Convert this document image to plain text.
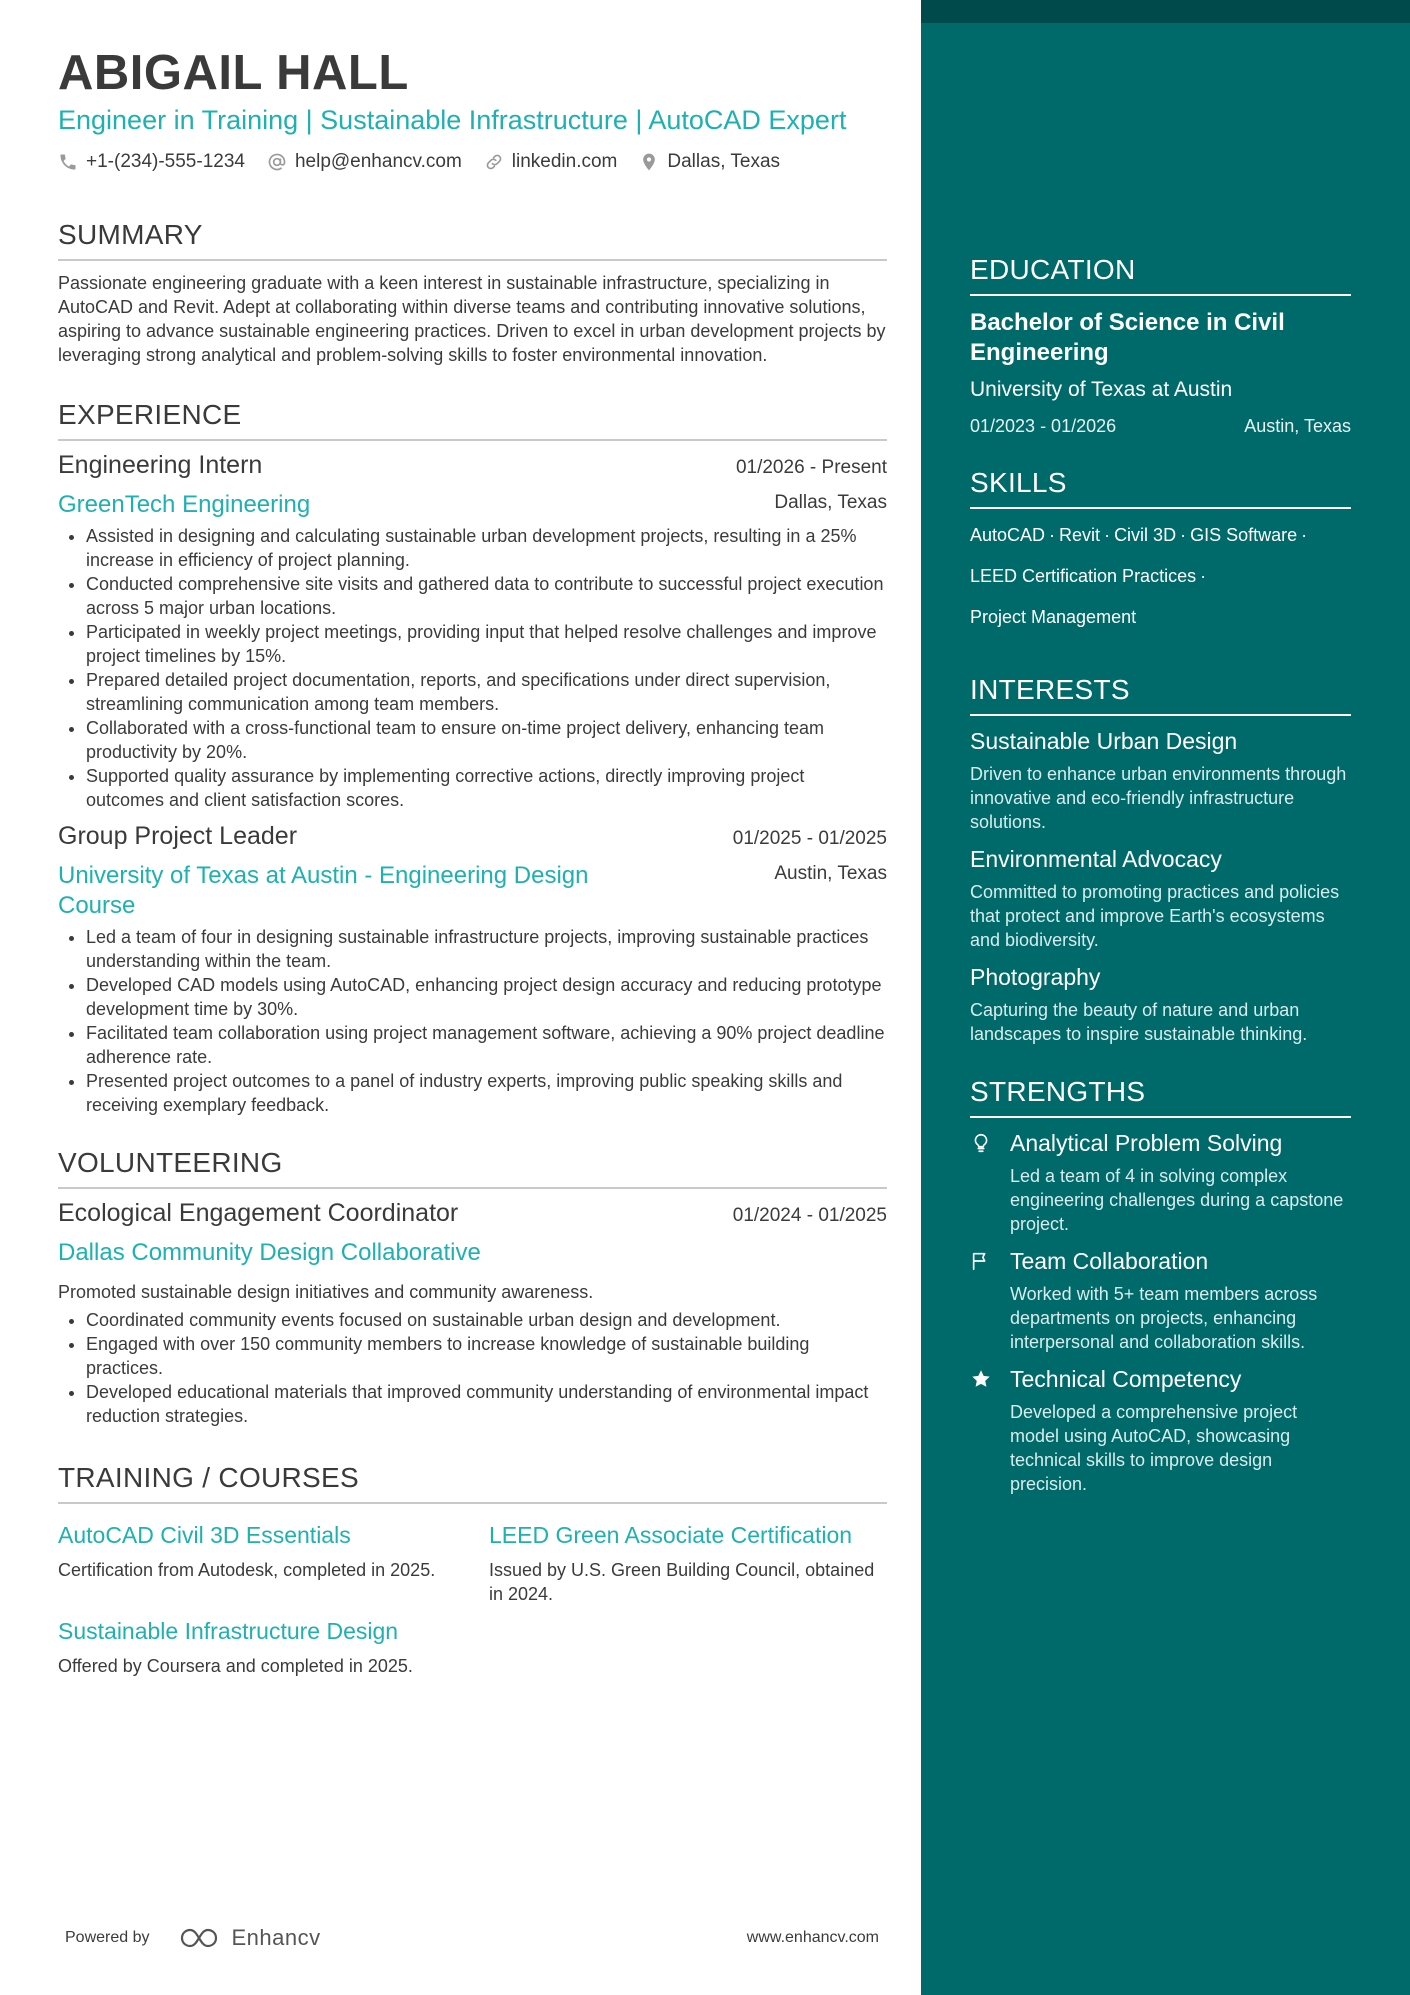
ABIGAIL HALL
Engineer in Training | Sustainable Infrastructure | AutoCAD Expert
+1-(234)-555-1234	help@enhancv.com	linkedin.com	Dallas, Texas
SUMMARY
Passionate engineering graduate with a keen interest in sustainable infrastructure, specializing in AutoCAD and Revit. Adept at collaborating within diverse teams and contributing innovative solutions, aspiring to advance sustainable engineering practices. Driven to excel in urban development projects by leveraging strong analytical and problem-solving skills to foster environmental innovation.
EXPERIENCE
Engineering Intern	01/2026 - Present
GreenTech Engineering	Dallas, Texas
• Assisted in designing and calculating sustainable urban development projects, resulting in a 25% increase in efficiency of project planning.
• Conducted comprehensive site visits and gathered data to contribute to successful project execution across 5 major urban locations.
• Participated in weekly project meetings, providing input that helped resolve challenges and improve project timelines by 15%.
• Prepared detailed project documentation, reports, and specifications under direct supervision, streamlining communication among team members.
• Collaborated with a cross-functional team to ensure on-time project delivery, enhancing team productivity by 20%.
• Supported quality assurance by implementing corrective actions, directly improving project outcomes and client satisfaction scores.
Group Project Leader	01/2025 - 01/2025
University of Texas at Austin - Engineering Design Course
Austin, Texas
• Led a team of four in designing sustainable infrastructure projects, improving sustainable practices understanding within the team.
• Developed CAD models using AutoCAD, enhancing project design accuracy and reducing prototype development time by 30%.
• Facilitated team collaboration using project management software, achieving a 90% project deadline adherence rate.
• Presented project outcomes to a panel of industry experts, improving public speaking skills and receiving exemplary feedback.
VOLUNTEERING
Ecological Engagement Coordinator	01/2024 - 01/2025
Dallas Community Design Collaborative
Promoted sustainable design initiatives and community awareness.
• Coordinated community events focused on sustainable urban design and development.
• Engaged with over 150 community members to increase knowledge of sustainable building practices.
• Developed educational materials that improved community understanding of environmental impact reduction strategies.
TRAINING / COURSES
AutoCAD Civil 3D Essentials
Certification from Autodesk, completed in 2025.
LEED Green Associate Certification
Issued by U.S. Green Building Council, obtained in 2024.
Sustainable Infrastructure Design
Offered by Coursera and completed in 2025.
Powered by	Enhancv	www.enhancv.com
EDUCATION
Bachelor of Science in Civil Engineering
University of Texas at Austin
01/2023 - 01/2026	Austin, Texas
SKILLS
AutoCAD · Revit · Civil 3D · GIS Software ·
LEED Certification Practices ·
Project Management
INTERESTS
Sustainable Urban Design
Driven to enhance urban environments through innovative and eco-friendly infrastructure solutions.
Environmental Advocacy
Committed to promoting practices and policies that protect and improve Earth's ecosystems and biodiversity.
Photography
Capturing the beauty of nature and urban landscapes to inspire sustainable thinking.
STRENGTHS
Analytical Problem Solving
Led a team of 4 in solving complex engineering challenges during a capstone project.
Team Collaboration
Worked with 5+ team members across departments on projects, enhancing interpersonal and collaboration skills.
Technical Competency
Developed a comprehensive project model using AutoCAD, showcasing technical skills to improve design precision.
